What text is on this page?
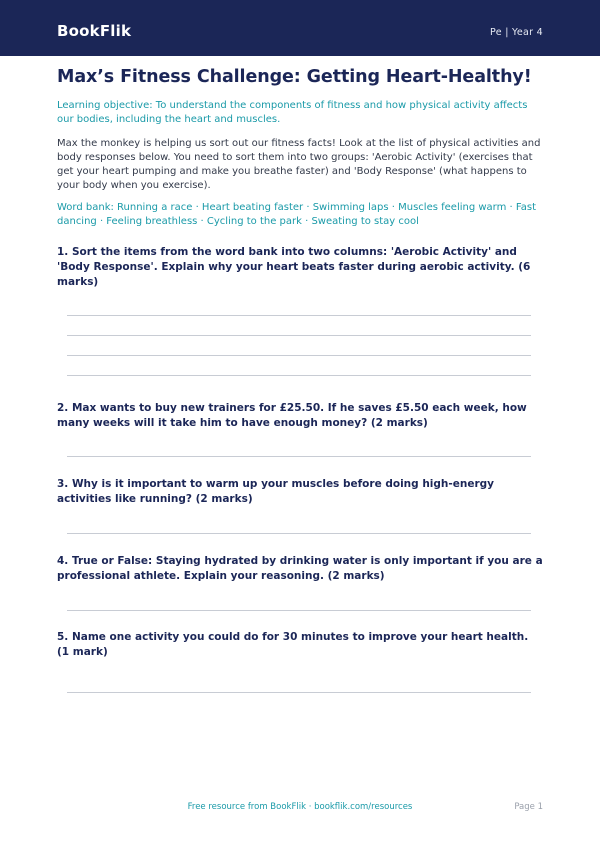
BookFlik	Pe | Year 4
Max’s Fitness Challenge: Getting Heart-Healthy!

Learning objective: To understand the components of fitness and how physical activity affects our bodies, including the heart and muscles.

Max the monkey is helping us sort out our fitness facts! Look at the list of physical activities and body responses below. You need to sort them into two groups: 'Aerobic Activity' (exercises that get your heart pumping and make you breathe faster) and 'Body Response' (what happens to your body when you exercise).

Word bank: Running a race · Heart beating faster · Swimming laps · Muscles feeling warm · Fast dancing · Feeling breathless · Cycling to the park · Sweating to stay cool

1. Sort the items from the word bank into two columns: 'Aerobic Activity' and 'Body Response'. Explain why your heart beats faster during aerobic activity. (6 marks)

2. Max wants to buy new trainers for £25.50. If he saves £5.50 each week, how many weeks will it take him to have enough money? (2 marks)

3. Why is it important to warm up your muscles before doing high-energy activities like running? (2 marks)

4. True or False: Staying hydrated by drinking water is only important if you are a professional athlete. Explain your reasoning. (2 marks)

5. Name one activity you could do for 30 minutes to improve your heart health. (1 mark)

Free resource from BookFlik · bookflik.com/resources	Page 1
